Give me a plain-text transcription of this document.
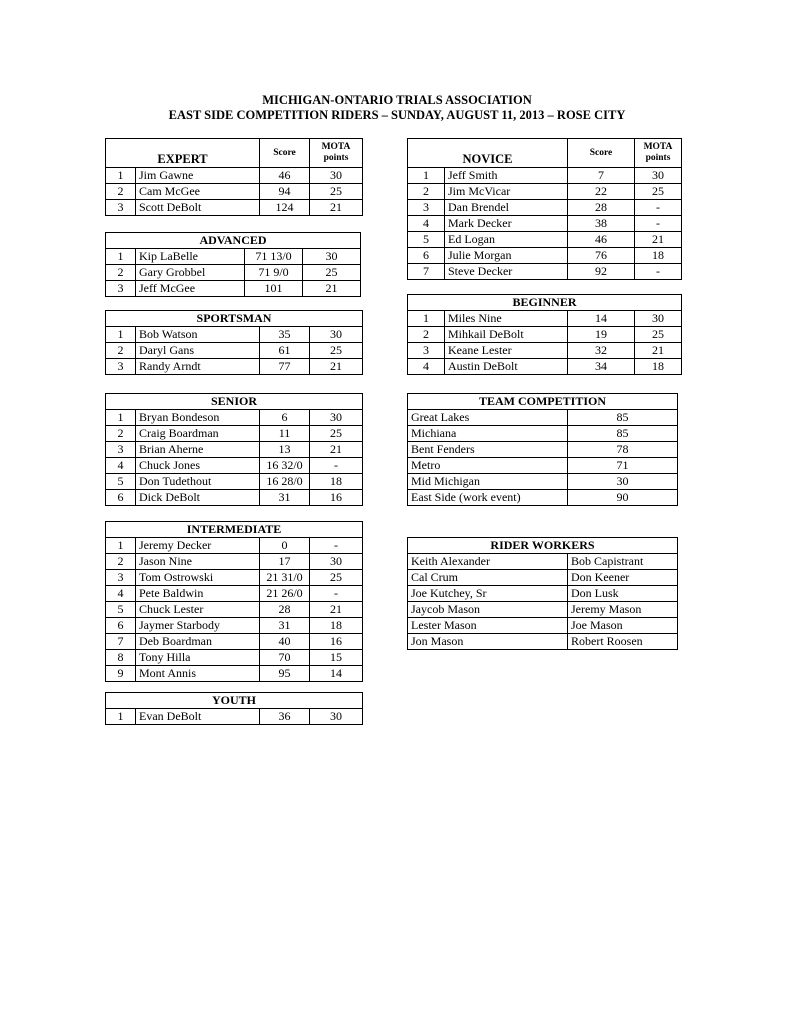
MICHIGAN-ONTARIO TRIALS ASSOCIATION
EAST SIDE COMPETITION RIDERS – SUNDAY, AUGUST 11, 2013 – ROSE CITY
EXPERT		Score	MOTA
points
1	Jim Gawne	46	30
2	Cam McGee	94	25
3	Scott DeBolt	124	21
ADVANCED			
1	Kip LaBelle	71 13/0	30
2	Gary Grobbel	71 9/0	25
3	Jeff McGee	101	21
SPORTSMAN			
1	Bob Watson	35	30
2	Daryl Gans	61	25
3	Randy Arndt	77	21
SENIOR			
1	Bryan Bondeson	6	30
2	Craig Boardman	11	25
3	Brian Aherne	13	21
4	Chuck Jones	16 32/0	-
5	Don Tudethout	16 28/0	18
6	Dick DeBolt	31	16
INTERMEDIATE			
1	Jeremy Decker	0	-
2	Jason Nine	17	30
3	Tom Ostrowski	21 31/0	25
4	Pete Baldwin	21 26/0	-
5	Chuck Lester	28	21
6	Jaymer Starbody	31	18
7	Deb Boardman	40	16
8	Tony Hilla	70	15
9	Mont Annis	95	14
YOUTH
1	Evan DeBolt	36	30
NOVICE		Score	MOTA
points
1	Jeff Smith	7	30
2	Jim McVicar	22	25
3	Dan Brendel	28	-
4	Mark Decker	38	-
5	Ed Logan	46	21
6	Julie Morgan	76	18
7	Steve Decker	92	-
BEGINNER			
1	Miles Nine	14	30
2	Mihkail DeBolt	19	25
3	Keane Lester	32	21
4	Austin DeBolt	34	18
TEAM COMPETITION	
Great Lakes	85
Michiana	85
Bent Fenders	78
Metro	71
Mid Michigan	30
East Side (work event)	90
RIDER WORKERS	
Keith Alexander	Bob Capistrant
Cal Crum	Don Keener
Joe Kutchey, Sr	Don Lusk
Jaycob Mason	Jeremy Mason
Lester Mason	Joe Mason
Jon Mason	Robert Roosen
